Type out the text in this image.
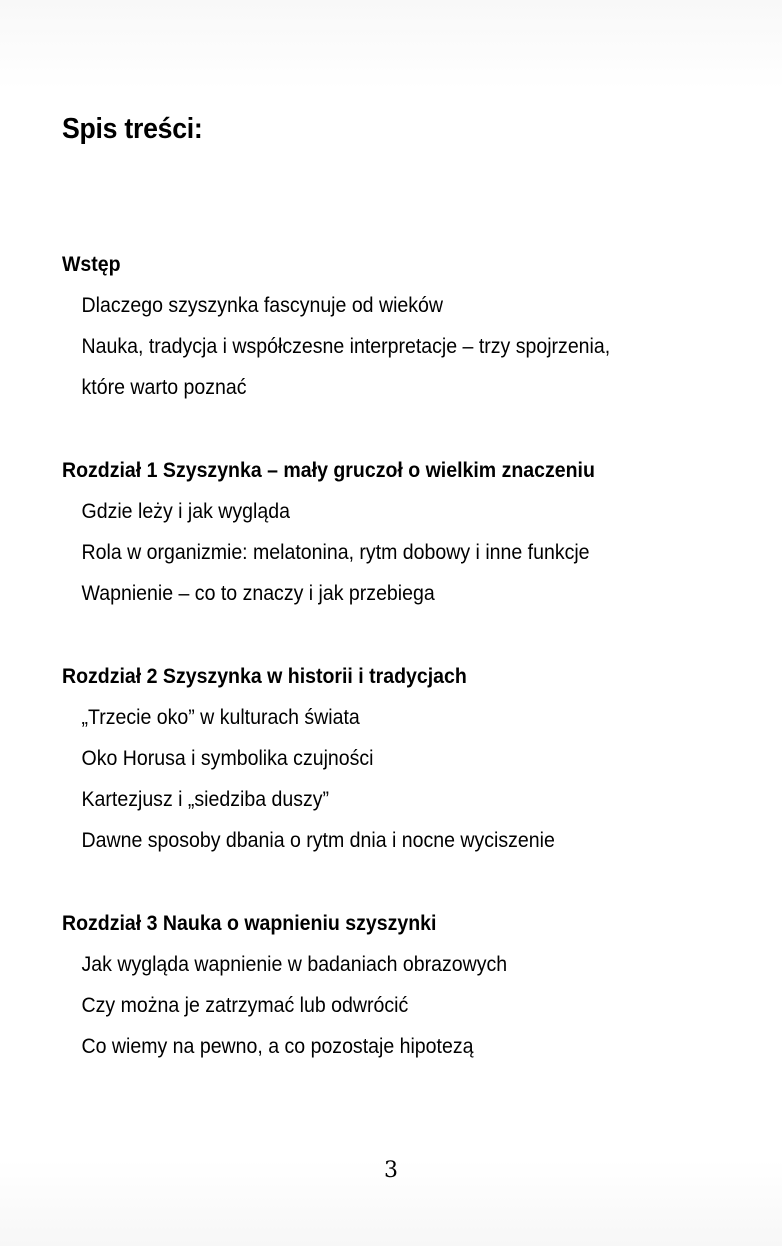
Spis treści:
Wstęp
Dlaczego szyszynka fascynuje od wieków
Nauka, tradycja i współczesne interpretacje – trzy spojrzenia,
które warto poznać
Rozdział 1 Szyszynka – mały gruczoł o wielkim znaczeniu
Gdzie leży i jak wygląda
Rola w organizmie: melatonina, rytm dobowy i inne funkcje
Wapnienie – co to znaczy i jak przebiega
Rozdział 2 Szyszynka w historii i tradycjach
„Trzecie oko” w kulturach świata
Oko Horusa i symbolika czujności
Kartezjusz i „siedziba duszy”
Dawne sposoby dbania o rytm dnia i nocne wyciszenie
Rozdział 3 Nauka o wapnieniu szyszynki
Jak wygląda wapnienie w badaniach obrazowych
Czy można je zatrzymać lub odwrócić
Co wiemy na pewno, a co pozostaje hipotezą
3
